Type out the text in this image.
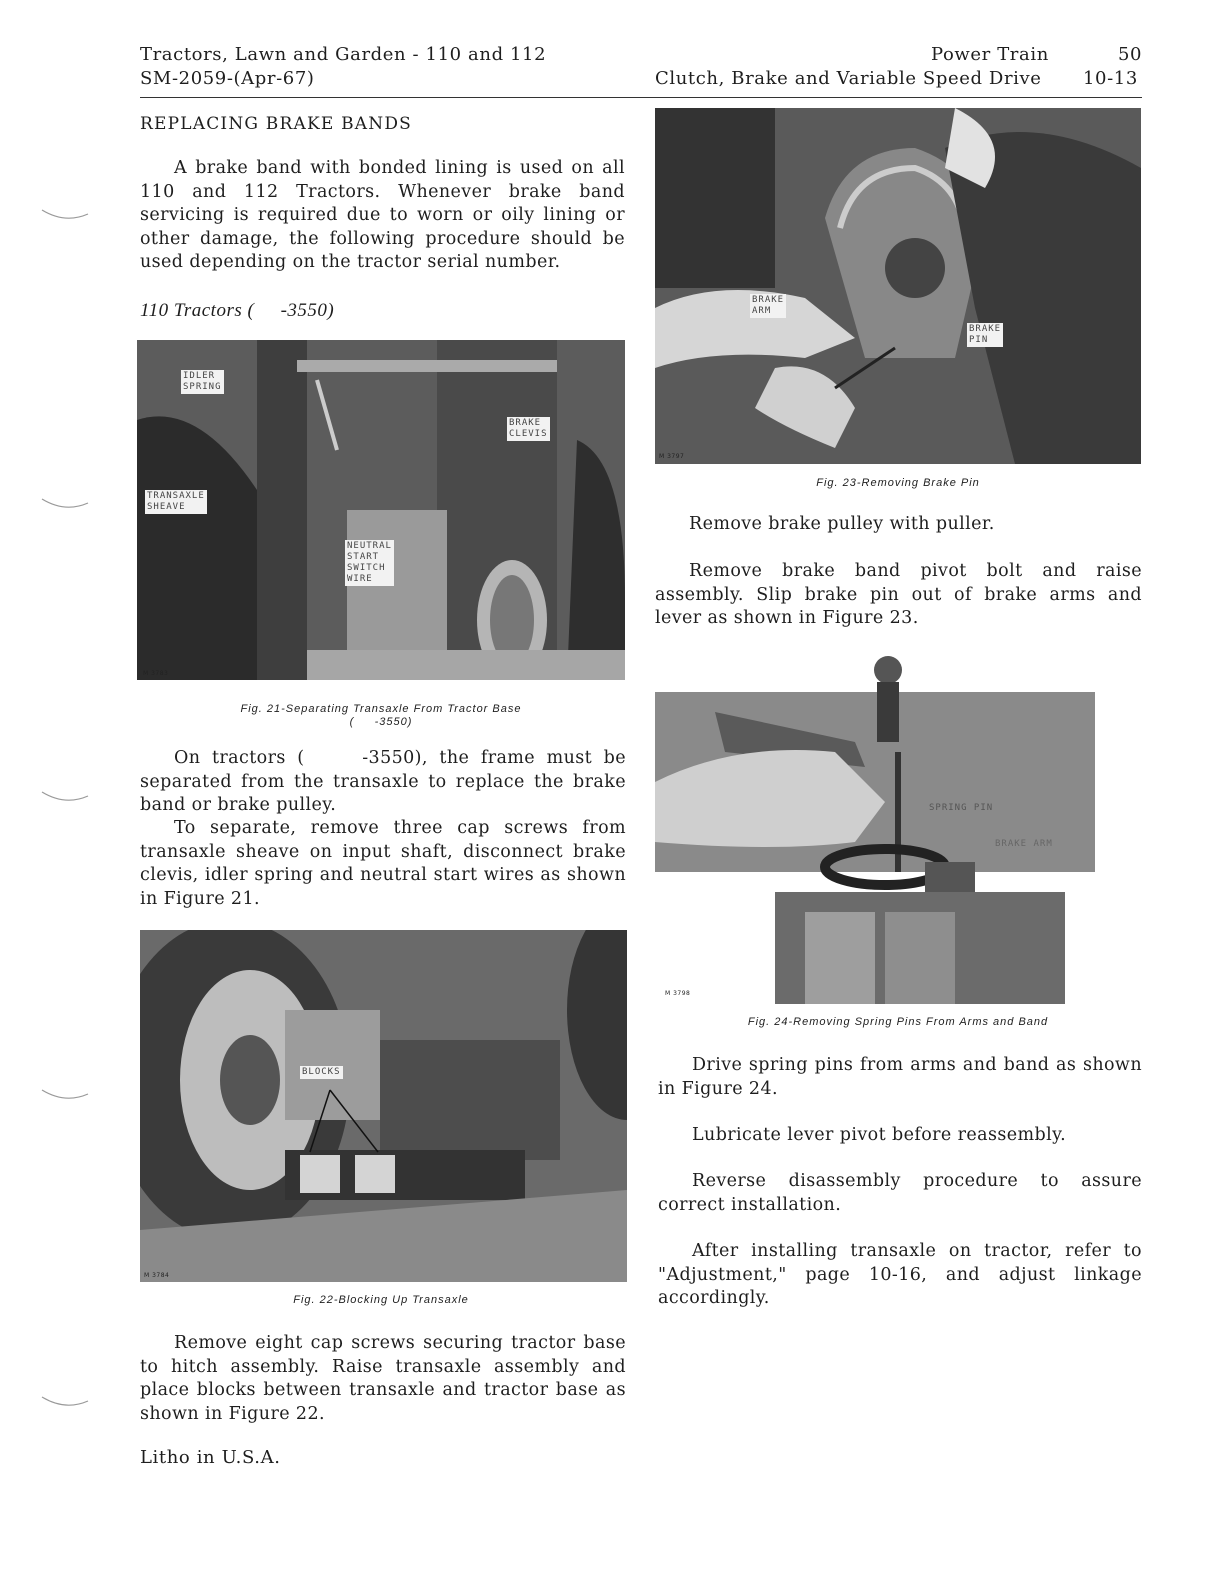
Tractors, Lawn and Garden - 110 and 112
SM-2059-(Apr-67)
Power Train	50
Clutch, Brake and Variable Speed Drive 10-13
REPLACING BRAKE BANDS

A brake band with bonded lining is used on all 110 and 112 Tractors. Whenever brake band servicing is required due to worn or oily lining or other damage, the following procedure should be used depending on the tractor serial number.

110 Tractors (     -3550)
IDLER
SPRING
BRAKE
CLEVIS
TRANSAXLE
SHEAVE
NEUTRAL
START
SWITCH
WIRE
M 3783
Fig. 21-Separating Transaxle From Tractor Base
(     -3550)

On tractors (     -3550), the frame must be separated from the transaxle to replace the brake band or brake pulley.

To separate, remove three cap screws from transaxle sheave on input shaft, disconnect brake clevis, idler spring and neutral start wires as shown in Figure 21.

BLOCKS
M 3784
Fig. 22-Blocking Up Transaxle

Remove eight cap screws securing tractor base to hitch assembly. Raise transaxle assembly and place blocks between transaxle and tractor base as shown in Figure 22.

Litho in U.S.A.
BRAKE
ARM
BRAKE
PIN
M 3797
Fig. 23-Removing Brake Pin

Remove brake pulley with puller.

Remove brake band pivot bolt and raise assembly. Slip brake pin out of brake arms and lever as shown in Figure 23.

SPRING PIN
BRAKE ARM
M 3798
Fig. 24-Removing Spring Pins From Arms and Band

Drive spring pins from arms and band as shown in Figure 24.

Lubricate lever pivot before reassembly.

Reverse disassembly procedure to assure correct installation.

After installing transaxle on tractor, refer to "Adjustment," page 10-16, and adjust linkage accordingly.
